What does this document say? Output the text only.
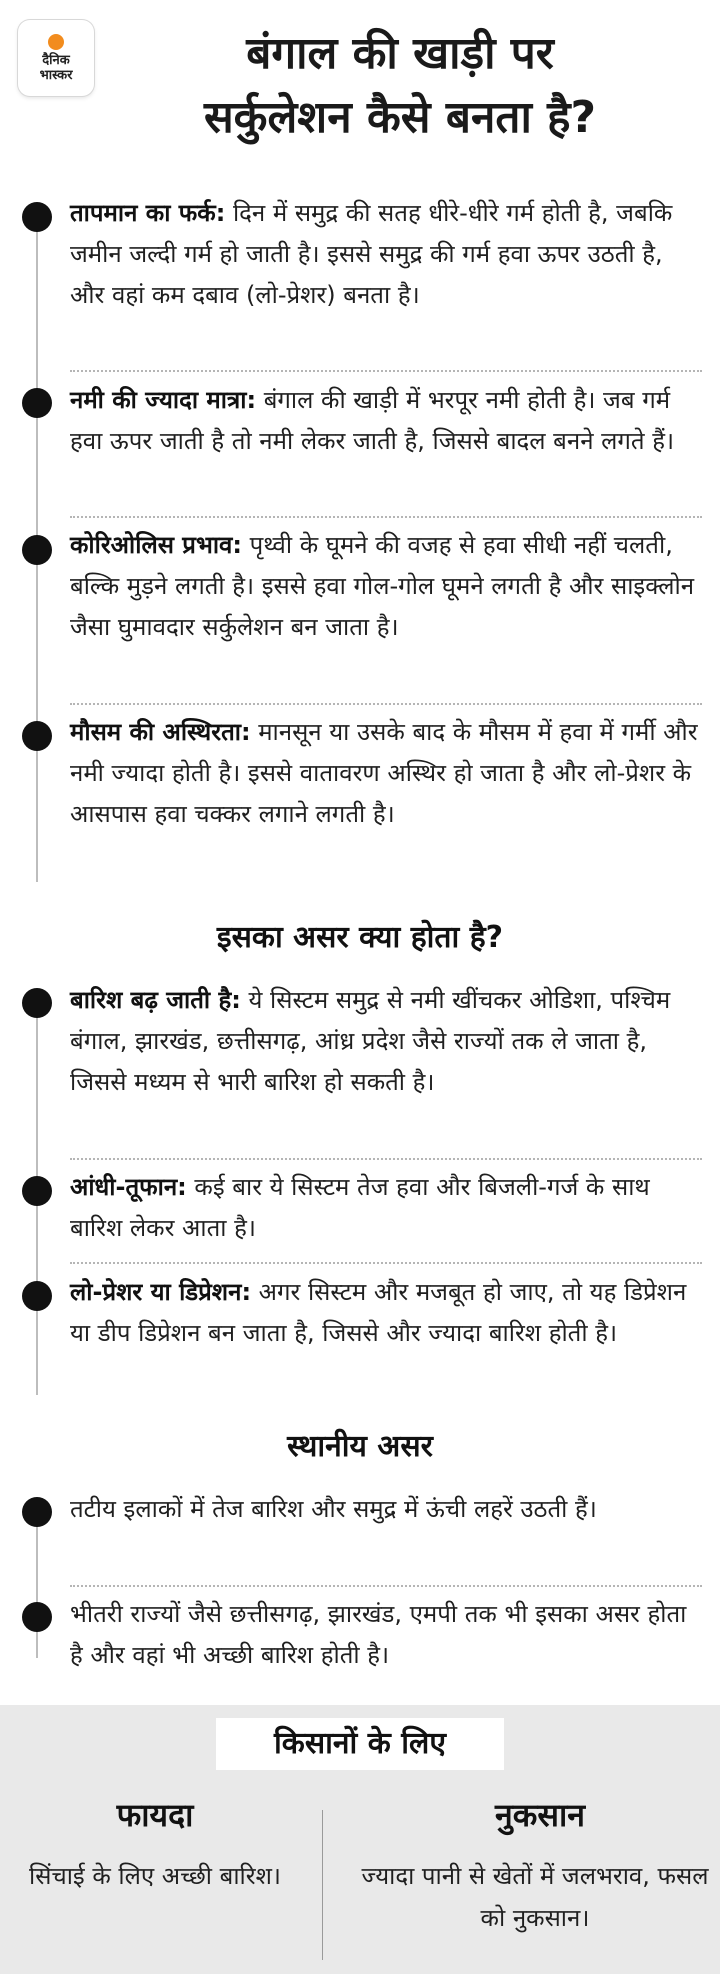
दैनिक
भास्कर	बंगाल की खाड़ी पर
सर्कुलेशन कैसे बनता है?
तापमान का फर्क: दिन में समुद्र की सतह धीरे-धीरे गर्म होती है, जबकि जमीन जल्दी गर्म हो जाती है। इससे समुद्र की गर्म हवा ऊपर उठती है, और वहां कम दबाव (लो-प्रेशर) बनता है।
नमी की ज्यादा मात्रा: बंगाल की खाड़ी में भरपूर नमी होती है। जब गर्म हवा ऊपर जाती है तो नमी लेकर जाती है, जिससे बादल बनने लगते हैं।
कोरिओलिस प्रभाव: पृथ्वी के घूमने की वजह से हवा सीधी नहीं चलती, बल्कि मुड़ने लगती है। इससे हवा गोल-गोल घूमने लगती है और साइक्लोन जैसा घुमावदार सर्कुलेशन बन जाता है।
मौसम की अस्थिरता: मानसून या उसके बाद के मौसम में हवा में गर्मी और नमी ज्यादा होती है। इससे वातावरण अस्थिर हो जाता है और लो-प्रेशर के आसपास हवा चक्कर लगाने लगती है।
इसका असर क्या होता है?
बारिश बढ़ जाती है: ये सिस्टम समुद्र से नमी खींचकर ओडिशा, पश्चिम बंगाल, झारखंड, छत्तीसगढ़, आंध्र प्रदेश जैसे राज्यों तक ले जाता है, जिससे मध्यम से भारी बारिश हो सकती है।
आंधी-तूफान: कई बार ये सिस्टम तेज हवा और बिजली-गर्ज के साथ बारिश लेकर आता है।
लो-प्रेशर या डिप्रेशन: अगर सिस्टम और मजबूत हो जाए, तो यह डिप्रेशन या डीप डिप्रेशन बन जाता है, जिससे और ज्यादा बारिश होती है।
स्थानीय असर
तटीय इलाकों में तेज बारिश और समुद्र में ऊंची लहरें उठती हैं।
भीतरी राज्यों जैसे छत्तीसगढ़, झारखंड, एमपी तक भी इसका असर होता है और वहां भी अच्छी बारिश होती है।
किसानों के लिए
फायदा
सिंचाई के लिए अच्छी बारिश।
नुकसान
ज्यादा पानी से खेतों में जलभराव, फसल को नुकसान।
